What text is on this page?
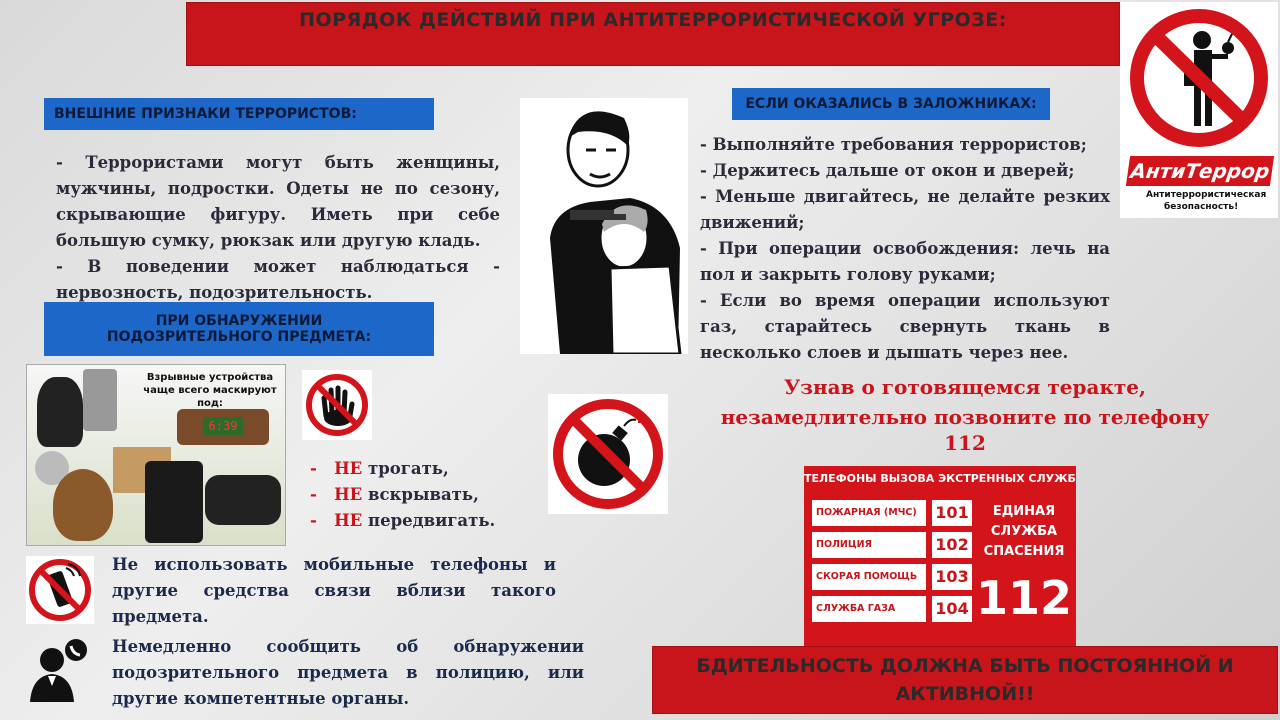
ПОРЯДОК ДЕЙСТВИЙ ПРИ АНТИТЕРРОРИСТИЧЕСКОЙ УГРОЗЕ:
АнтиТеррор
Антитеррористическая
безопасность!
ВНЕШНИЕ ПРИЗНАКИ ТЕРРОРИСТОВ:
- Террористами могут быть женщины, мужчины, подростки. Одеты не по сезону, скрывающие фигуру. Иметь при себе большую сумку, рюкзак или другую кладь.
- В поведении может наблюдаться - нервозность, подозрительность.
ЕСЛИ ОКАЗАЛИСЬ В ЗАЛОЖНИКАХ:
- Выполняйте требования террористов;
- Держитесь дальше от окон и дверей;
- Меньше двигайтесь, не делайте резких движений;
- При операции освобождения: лечь на пол и закрыть голову руками;
- Если во время операции используют газ, старайтесь свернуть ткань в несколько слоев и дышать через нее.
ПРИ ОБНАРУЖЕНИИ ПОДОЗРИТЕЛЬНОГО ПРЕДМЕТА:
Взрывные устройства чаще всего маскируют под:
6:39
- НЕ трогать,
- НЕ вскрывать,
- НЕ передвигать.
Не использовать мобильные телефоны и другие средства связи вблизи такого предмета.
Немедленно сообщить об обнаружении подозрительного предмета в полицию, или другие компетентные органы.
Узнав о готовящемся теракте,
незамедлительно позвоните по телефону
112
ТЕЛЕФОНЫ ВЫЗОВА ЭКСТРЕННЫХ СЛУЖБ
ПОЖАРНАЯ (МЧС)	101
ПОЛИЦИЯ	102
СКОРАЯ ПОМОЩЬ	103
СЛУЖБА ГАЗА	104
ЕДИНАЯ СЛУЖБА СПАСЕНИЯ
112
БДИТЕЛЬНОСТЬ ДОЛЖНА БЫТЬ ПОСТОЯННОЙ И АКТИВНОЙ!!
